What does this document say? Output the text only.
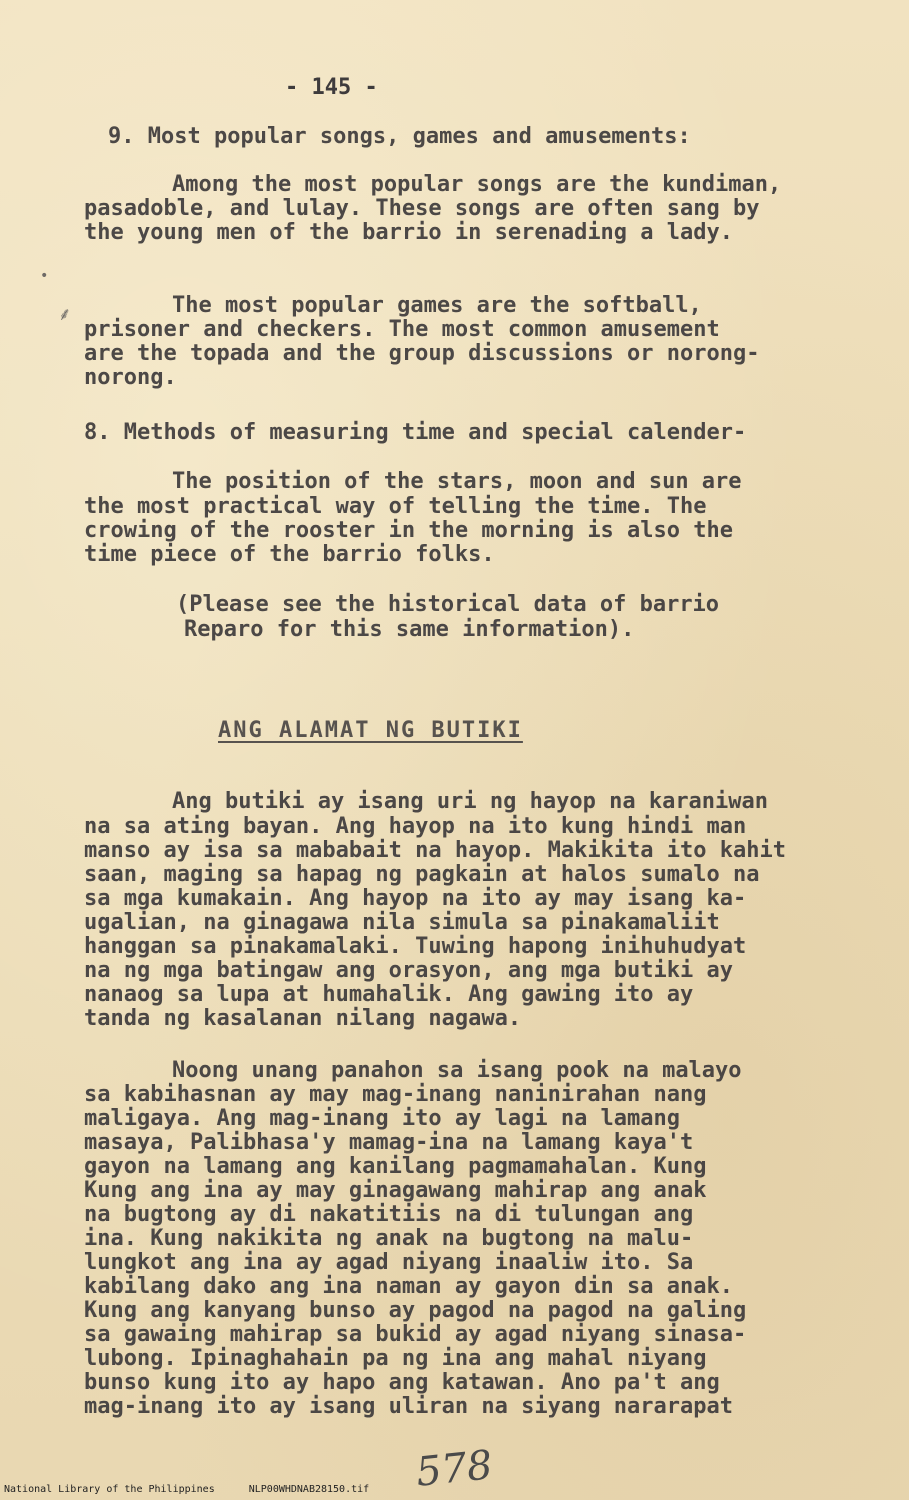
- 145 -
9. Most popular songs, games and amusements:
Among the most popular songs are the kundiman,
pasadoble, and lulay. These songs are often sang by
the young men of the barrio in serenading a lady.
The most popular games are the softball,
prisoner and checkers. The most common amusement
are the topada and the group discussions or norong-
norong.
8. Methods of measuring time and special calender-
The position of the stars, moon and sun are
the most practical way of telling the time. The
crowing of the rooster in the morning is also the
time piece of the barrio folks.
(Please see the historical data of barrio
Reparo for this same information).
ANG ALAMAT NG BUTIKI
Ang butiki ay isang uri ng hayop na karaniwan
na sa ating bayan. Ang hayop na ito kung hindi man
manso ay isa sa mababait na hayop. Makikita ito kahit
saan, maging sa hapag ng pagkain at halos sumalo na
sa mga kumakain. Ang hayop na ito ay may isang ka-
ugalian, na ginagawa nila simula sa pinakamaliit
hanggan sa pinakamalaki. Tuwing hapong inihuhudyat
na ng mga batingaw ang orasyon, ang mga butiki ay
nanaog sa lupa at humahalik. Ang gawing ito ay
tanda ng kasalanan nilang nagawa.
Noong unang panahon sa isang pook na malayo
sa kabihasnan ay may mag-inang naninirahan nang
maligaya. Ang mag-inang ito ay lagi na lamang
masaya, Palibhasa'y mamag-ina na lamang kaya't
gayon na lamang ang kanilang pagmamahalan. Kung
Kung ang ina ay may ginagawang mahirap ang anak
na bugtong ay di nakatitiis na di tulungan ang
ina. Kung nakikita ng anak na bugtong na malu-
lungkot ang ina ay agad niyang inaaliw ito. Sa
kabilang dako ang ina naman ay gayon din sa anak.
Kung ang kanyang bunso ay pagod na pagod na galing
sa gawaing mahirap sa bukid ay agad niyang sinasa-
lubong. Ipinaghahain pa ng ina ang mahal niyang
bunso kung ito ay hapo ang katawan. Ano pa't ang
mag-inang ito ay isang uliran na siyang nararapat
•
⸙
578
National Library of the Philippines	NLP00WHDNAB28150.tif
